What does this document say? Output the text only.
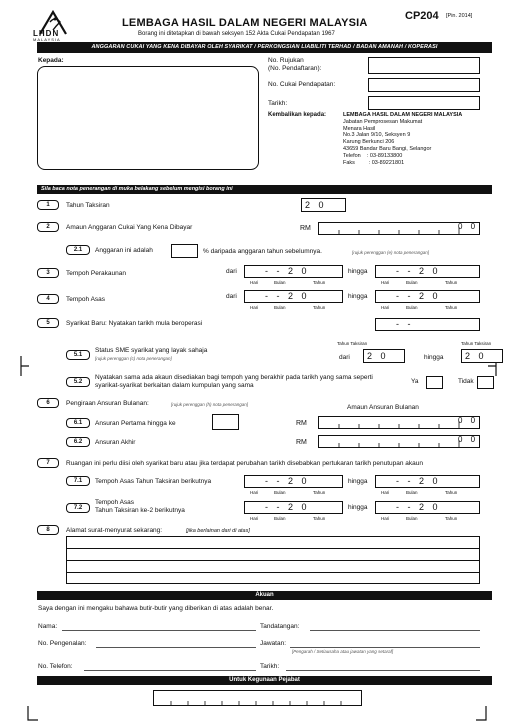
LHDN
MALAYSIA
LEMBAGA HASIL DALAM NEGERI MALAYSIA
Borang ini ditetapkan di bawah seksyen 152 Akta Cukai Pendapatan 1967
CP204 [Pin. 2014]
ANGGARAN CUKAI YANG KENA DIBAYAR OLEH SYARIKAT / PERKONGSIAN LIABILITI TERHAD / BADAN AMANAH / KOPERASI
Kepada:	No. Rujukan
(No. Pendaftaran):
No. Cukai Pendapatan:
Tarikh:
Kembalikan kepada:	LEMBAGA HASIL DALAM NEGERI MALAYSIA
Jabatan Pemprosesan Makumat
Menara Hasil
No.3 Jalan 9/10, Seksyen 9
Karung Berkunci 206
43659 Bandar Baru Bangi, Selangor
Telefon    : 03-89133800
Faks         : 03-89221801
Sila baca nota penerangan di muka belakang sebelum mengisi borang ini
1	Tahun Taksiran	2 0
2	Amaun Anggaran Cukai Yang Kena Dibayar	RM	0 0
2.1	Anggaran ini adalah	% daripada anggaran tahun sebelumnya.	[rujuk perenggan (e) nota penerangan]
3	Tempoh Perakaunan	dari	- - 2 0	hingga	- - 2 0
Hari	Bulan	Tahun	Hari	Bulan	Tahun
4	Tempoh Asas	dari	- - 2 0	hingga	- - 2 0
Hari	Bulan	Tahun	Hari	Bulan	Tahun
5	Syarikat Baru: Nyatakan tarikh mula beroperasi	- -
5.1
Status SME syarikat yang layak sahaja
[rujuk perenggan (c) nota penerangan]
Tahun Taksiran	Tahun Taksiran
dari	2 0	hingga	2 0
5.2
Nyatakan sama ada akaun disediakan bagi tempoh yang berakhir pada tarikh yang sama seperti syarikat-syarikat berkaitan dalam kumpulan yang sama
Ya	Tidak
6	Pengiraan Ansuran Bulanan:	[rujuk perenggan (h) nota penerangan]	Amaun Ansuran Bulanan
6.1	Ansuran Pertama hingga ke	RM	0 0
6.2	Ansuran Akhir	RM	0 0
7	Ruangan ini perlu diisi oleh syarikat baru atau jika terdapat perubahan tarikh disebabkan pertukaran tarikh penutupan akaun
7.1	Tempoh Asas Tahun Taksiran berikutnya	- - 2 0	hingga	- - 2 0
Hari	Bulan	Tahun	Hari	Bulan	Tahun
7.2
Tempoh Asas
Tahun Taksiran ke-2 berikutnya	- - 2 0	hingga	- - 2 0
Hari	Bulan	Tahun	Hari	Bulan	Tahun
8	Alamat surat-menyurat sekarang:	[jika berlainan dari di atas]
Akuan
Saya dengan ini mengaku bahawa butir-butir yang diberikan di atas adalah benar.
Nama:	Tandatangan:
No. Pengenalan:	Jawatan:
[Pengarah / Setiausaha atau jawatan yang setaraf]
No. Telefon:	Tarikh:
Untuk Kegunaan Pejabat
